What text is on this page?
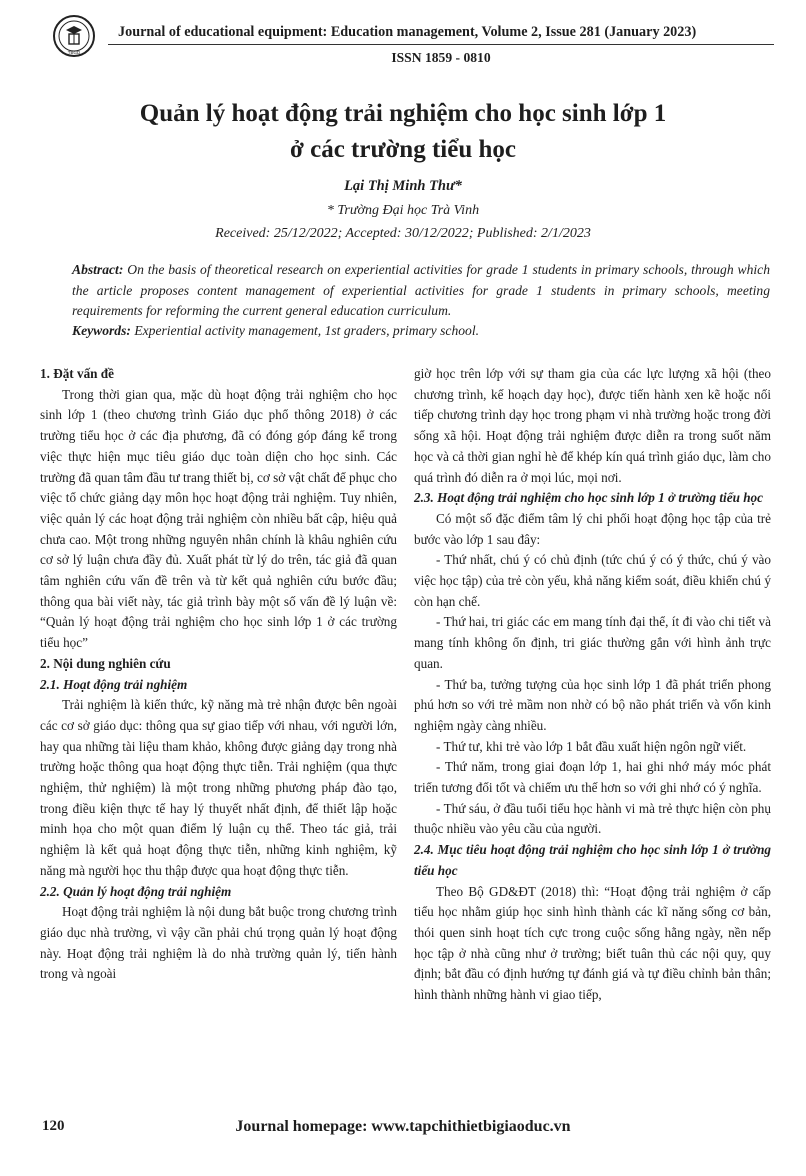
TBGD
Journal of educational equipment: Education management, Volume 2, Issue 281 (January 2023)
ISSN 1859 - 0810
Quản lý hoạt động trải nghiệm cho học sinh lớp 1
ở các trường tiểu học
Lại Thị Minh Thư*
* Trường Đại học Trà Vinh
Received: 25/12/2022; Accepted: 30/12/2022; Published: 2/1/2023
Abstract: On the basis of theoretical research on experiential activities for grade 1 students in primary schools, through which the article proposes content management of experiential activities for grade 1 students in primary schools, meeting requirements for reforming the current general education curriculum.
Keywords: Experiential activity management, 1st graders, primary school.
1. Đặt vấn đề

Trong thời gian qua, mặc dù hoạt động trải nghiệm cho học sinh lớp 1 (theo chương trình Giáo dục phổ thông 2018) ở các trường tiểu học ở các địa phương, đã có đóng góp đáng kể trong việc thực hiện mục tiêu giáo dục toàn diện cho học sinh. Các trường đã quan tâm đầu tư trang thiết bị, cơ sở vật chất để phục cho việc tổ chức giảng dạy môn học hoạt động trải nghiệm. Tuy nhiên, việc quản lý các hoạt động trải nghiệm còn nhiều bất cập, hiệu quả chưa cao. Một trong những nguyên nhân chính là khâu nghiên cứu cơ sở lý luận chưa đầy đủ. Xuất phát từ lý do trên, tác giả đã quan tâm nghiên cứu vấn đề trên và từ kết quả nghiên cứu bước đầu; thông qua bài viết này, tác giả trình bày một số vấn đề lý luận về: “Quản lý hoạt động trải nghiệm cho học sinh lớp 1 ở các trường tiểu học”

2. Nội dung nghiên cứu
2.1. Hoạt động trải nghiệm

Trải nghiệm là kiến thức, kỹ năng mà trẻ nhận được bên ngoài các cơ sở giáo dục: thông qua sự giao tiếp với nhau, với người lớn, hay qua những tài liệu tham khảo, không được giảng dạy trong nhà trường hoặc thông qua hoạt động thực tiễn. Trải nghiệm (qua thực nghiệm, thử nghiệm) là một trong những phương pháp đào tạo, trong điều kiện thực tế hay lý thuyết nhất định, để thiết lập hoặc minh họa cho một quan điểm lý luận cụ thể. Theo tác giả, trải nghiệm là kết quả hoạt động thực tiễn, những kinh nghiệm, kỹ năng mà người học thu thập được qua hoạt động thực tiễn.

2.2. Quản lý hoạt động trải nghiệm

Hoạt động trải nghiệm là nội dung bắt buộc trong chương trình giáo dục nhà trường, vì vậy cần phải chú trọng quản lý hoạt động này. Hoạt động trải nghiệm là do nhà trường quản lý, tiến hành trong và ngoài

giờ học trên lớp với sự tham gia của các lực lượng xã hội (theo chương trình, kế hoạch dạy học), được tiến hành xen kẽ hoặc nối tiếp chương trình dạy học trong phạm vi nhà trường hoặc trong đời sống xã hội. Hoạt động trải nghiệm được diễn ra trong suốt năm học và cả thời gian nghỉ hè để khép kín quá trình giáo dục, làm cho quá trình đó diễn ra ở mọi lúc, mọi nơi.

2.3. Hoạt động trải nghiệm cho học sinh lớp 1 ở trường tiểu học

Có một số đặc điểm tâm lý chi phối hoạt động học tập của trẻ bước vào lớp 1 sau đây:

- Thứ nhất, chú ý có chủ định (tức chú ý có ý thức, chú ý vào việc học tập) của trẻ còn yếu, khả năng kiểm soát, điều khiển chú ý còn hạn chế.

- Thứ hai, tri giác các em mang tính đại thể, ít đi vào chi tiết và mang tính không ổn định, tri giác thường gắn với hình ảnh trực quan.

- Thứ ba, tưởng tượng của học sinh lớp 1 đã phát triển phong phú hơn so với trẻ mầm non nhờ có bộ não phát triển và vốn kinh nghiệm ngày càng nhiều.

- Thứ tư, khi trẻ vào lớp 1 bắt đầu xuất hiện ngôn ngữ viết.

- Thứ năm, trong giai đoạn lớp 1, hai ghi nhớ máy móc phát triển tương đối tốt và chiếm ưu thế hơn so với ghi nhớ có ý nghĩa.

- Thứ sáu, ở đầu tuổi tiểu học hành vi mà trẻ thực hiện còn phụ thuộc nhiều vào yêu cầu của người.

2.4. Mục tiêu hoạt động trải nghiệm cho học sinh lớp 1 ở trường tiểu học

Theo Bộ GD&ĐT (2018) thì: “Hoạt động trải nghiệm ở cấp tiểu học nhằm giúp học sinh hình thành các kĩ năng sống cơ bản, thói quen sinh hoạt tích cực trong cuộc sống hằng ngày, nền nếp học tập ở nhà cũng như ở trường; biết tuân thủ các nội quy, quy định; bắt đầu có định hướng tự đánh giá và tự điều chỉnh bản thân; hình thành những hành vi giao tiếp,

120	Journal homepage: www.tapchithietbigiaoduc.vn
